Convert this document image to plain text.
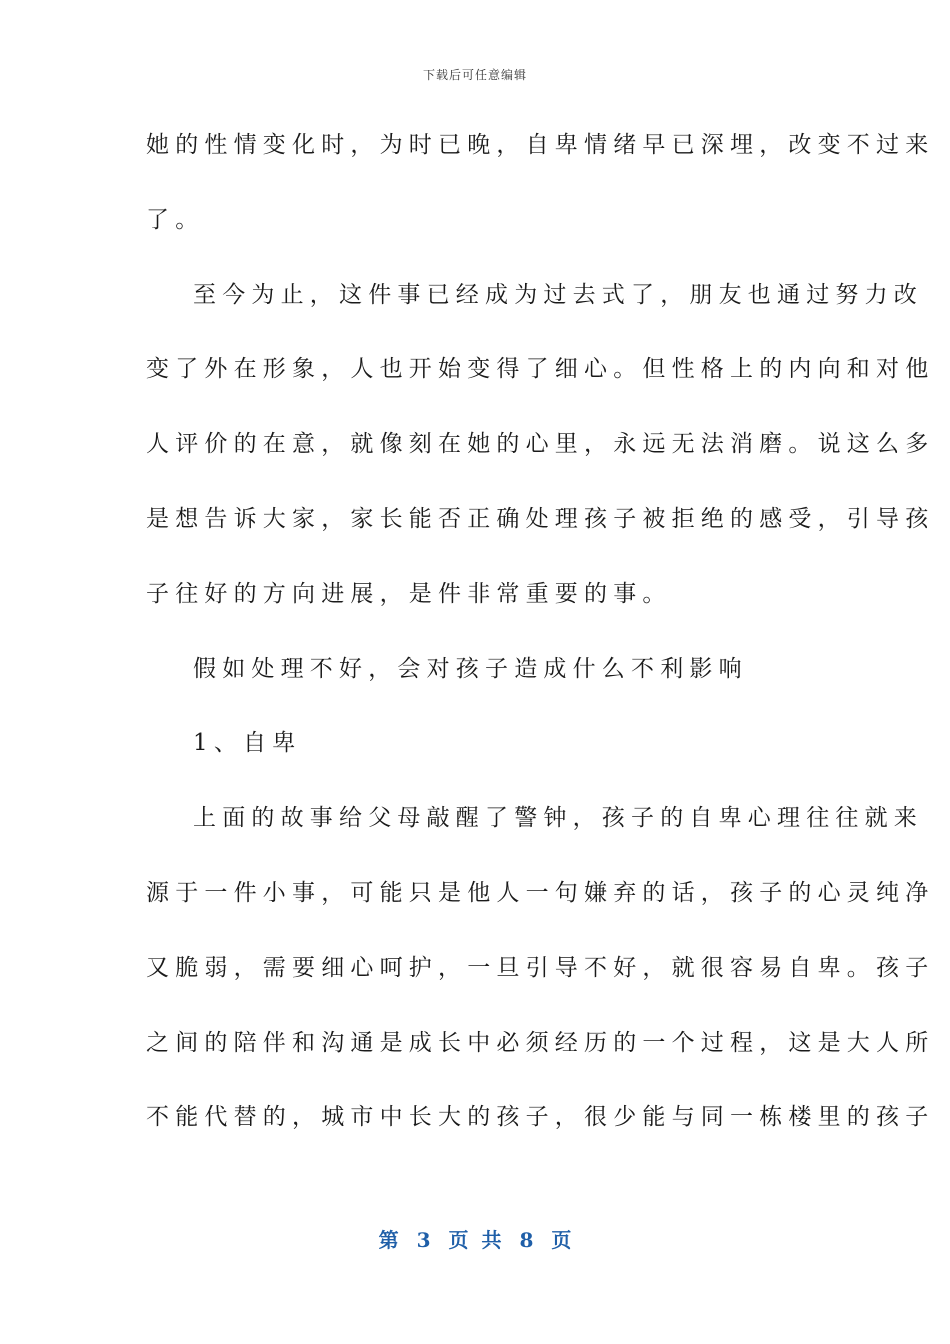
下载后可任意编辑
她的性情变化时，为时已晚，自卑情绪早已深埋，改变不过来
了。
至今为止，这件事已经成为过去式了，朋友也通过努力改
变了外在形象，人也开始变得了细心。但性格上的内向和对他
人评价的在意，就像刻在她的心里，永远无法消磨。说这么多
是想告诉大家，家长能否正确处理孩子被拒绝的感受，引导孩
子往好的方向进展，是件非常重要的事。
假如处理不好，会对孩子造成什么不利影响
1、自卑
上面的故事给父母敲醒了警钟，孩子的自卑心理往往就来
源于一件小事，可能只是他人一句嫌弃的话，孩子的心灵纯净
又脆弱，需要细心呵护，一旦引导不好，就很容易自卑。孩子
之间的陪伴和沟通是成长中必须经历的一个过程，这是大人所
不能代替的，城市中长大的孩子，很少能与同一栋楼里的孩子
第 3 页 共 8 页
